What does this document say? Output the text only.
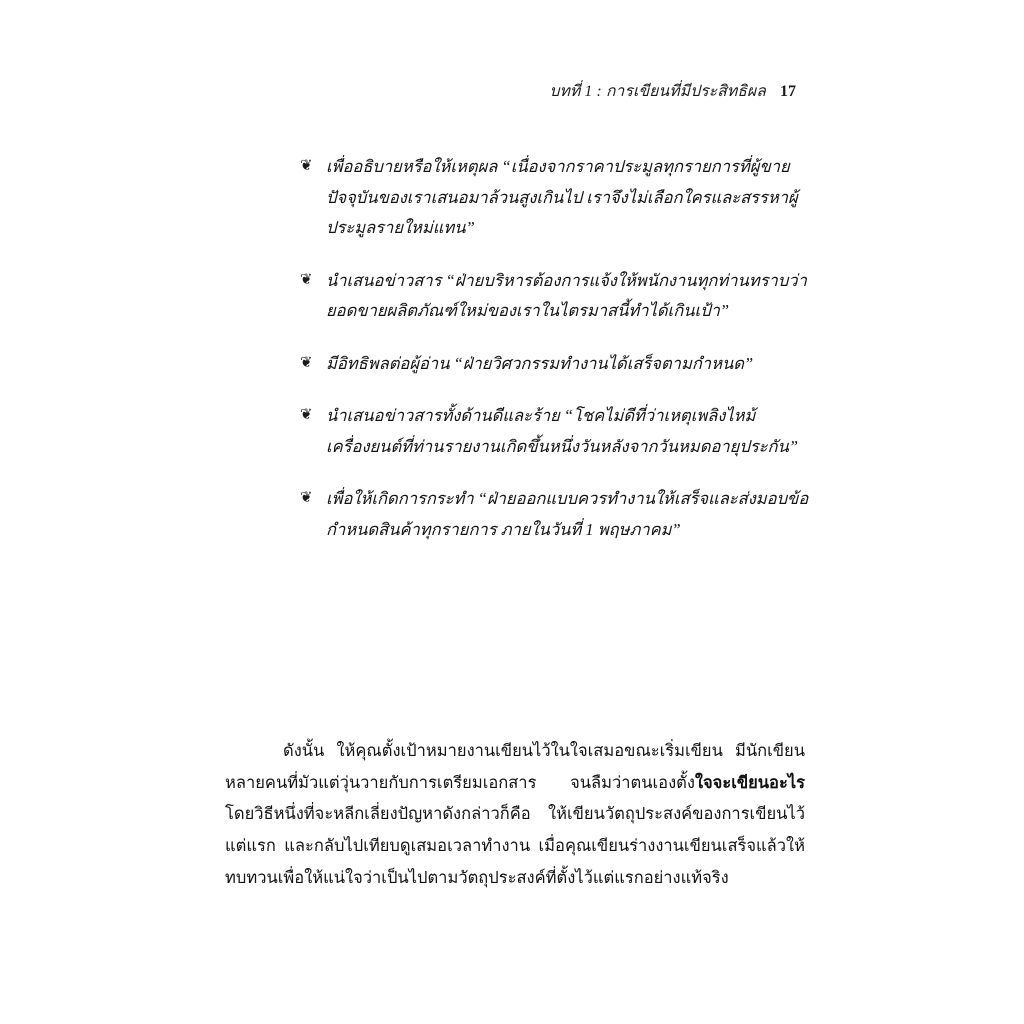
บทที่ 1 : การเขียนที่มีประสิทธิผล 17
❦ เพื่ออธิบายหรือให้เหตุผล “เนื่องจากราคาประมูลทุกรายการที่ผู้ขายปัจจุบันของเราเสนอมาล้วนสูงเกินไป เราจึงไม่เลือกใครและสรรหาผู้ประมูลรายใหม่แทน”
❦ นำเสนอข่าวสาร “ฝ่ายบริหารต้องการแจ้งให้พนักงานทุกท่านทราบว่า ยอดขายผลิตภัณฑ์ใหม่ของเราในไตรมาสนี้ทำได้เกินเป้า”
❦ มีอิทธิพลต่อผู้อ่าน “ฝ่ายวิศวกรรมทำงานได้เสร็จตามกำหนด”
❦ นำเสนอข่าวสารทั้งด้านดีและร้าย “โชคไม่ดีที่ว่าเหตุเพลิงไหม้เครื่องยนต์ที่ท่านรายงานเกิดขึ้นหนึ่งวันหลังจากวันหมดอายุประกัน”
❦ เพื่อให้เกิดการกระทำ “ฝ่ายออกแบบควรทำงานให้เสร็จและส่งมอบข้อกำหนดสินค้าทุกรายการ ภายในวันที่ 1 พฤษภาคม”

ดังนั้น ให้คุณตั้งเป้าหมายงานเขียนไว้ในใจเสมอขณะเริ่มเขียน มีนักเขียนหลายคนที่มัวแต่วุ่นวายกับการเตรียมเอกสาร จนลืมว่าตนเองตั้งใจจะเขียนอะไร โดยวิธีหนึ่งที่จะหลีกเลี่ยงปัญหาดังกล่าวก็คือ ให้เขียนวัตถุประสงค์ของการเขียนไว้แต่แรก และกลับไปเทียบดูเสมอเวลาทำงาน เมื่อคุณเขียนร่างงานเขียนเสร็จแล้วให้ทบทวนเพื่อให้แน่ใจว่าเป็นไปตามวัตถุประสงค์ที่ตั้งไว้แต่แรกอย่างแท้จริง
